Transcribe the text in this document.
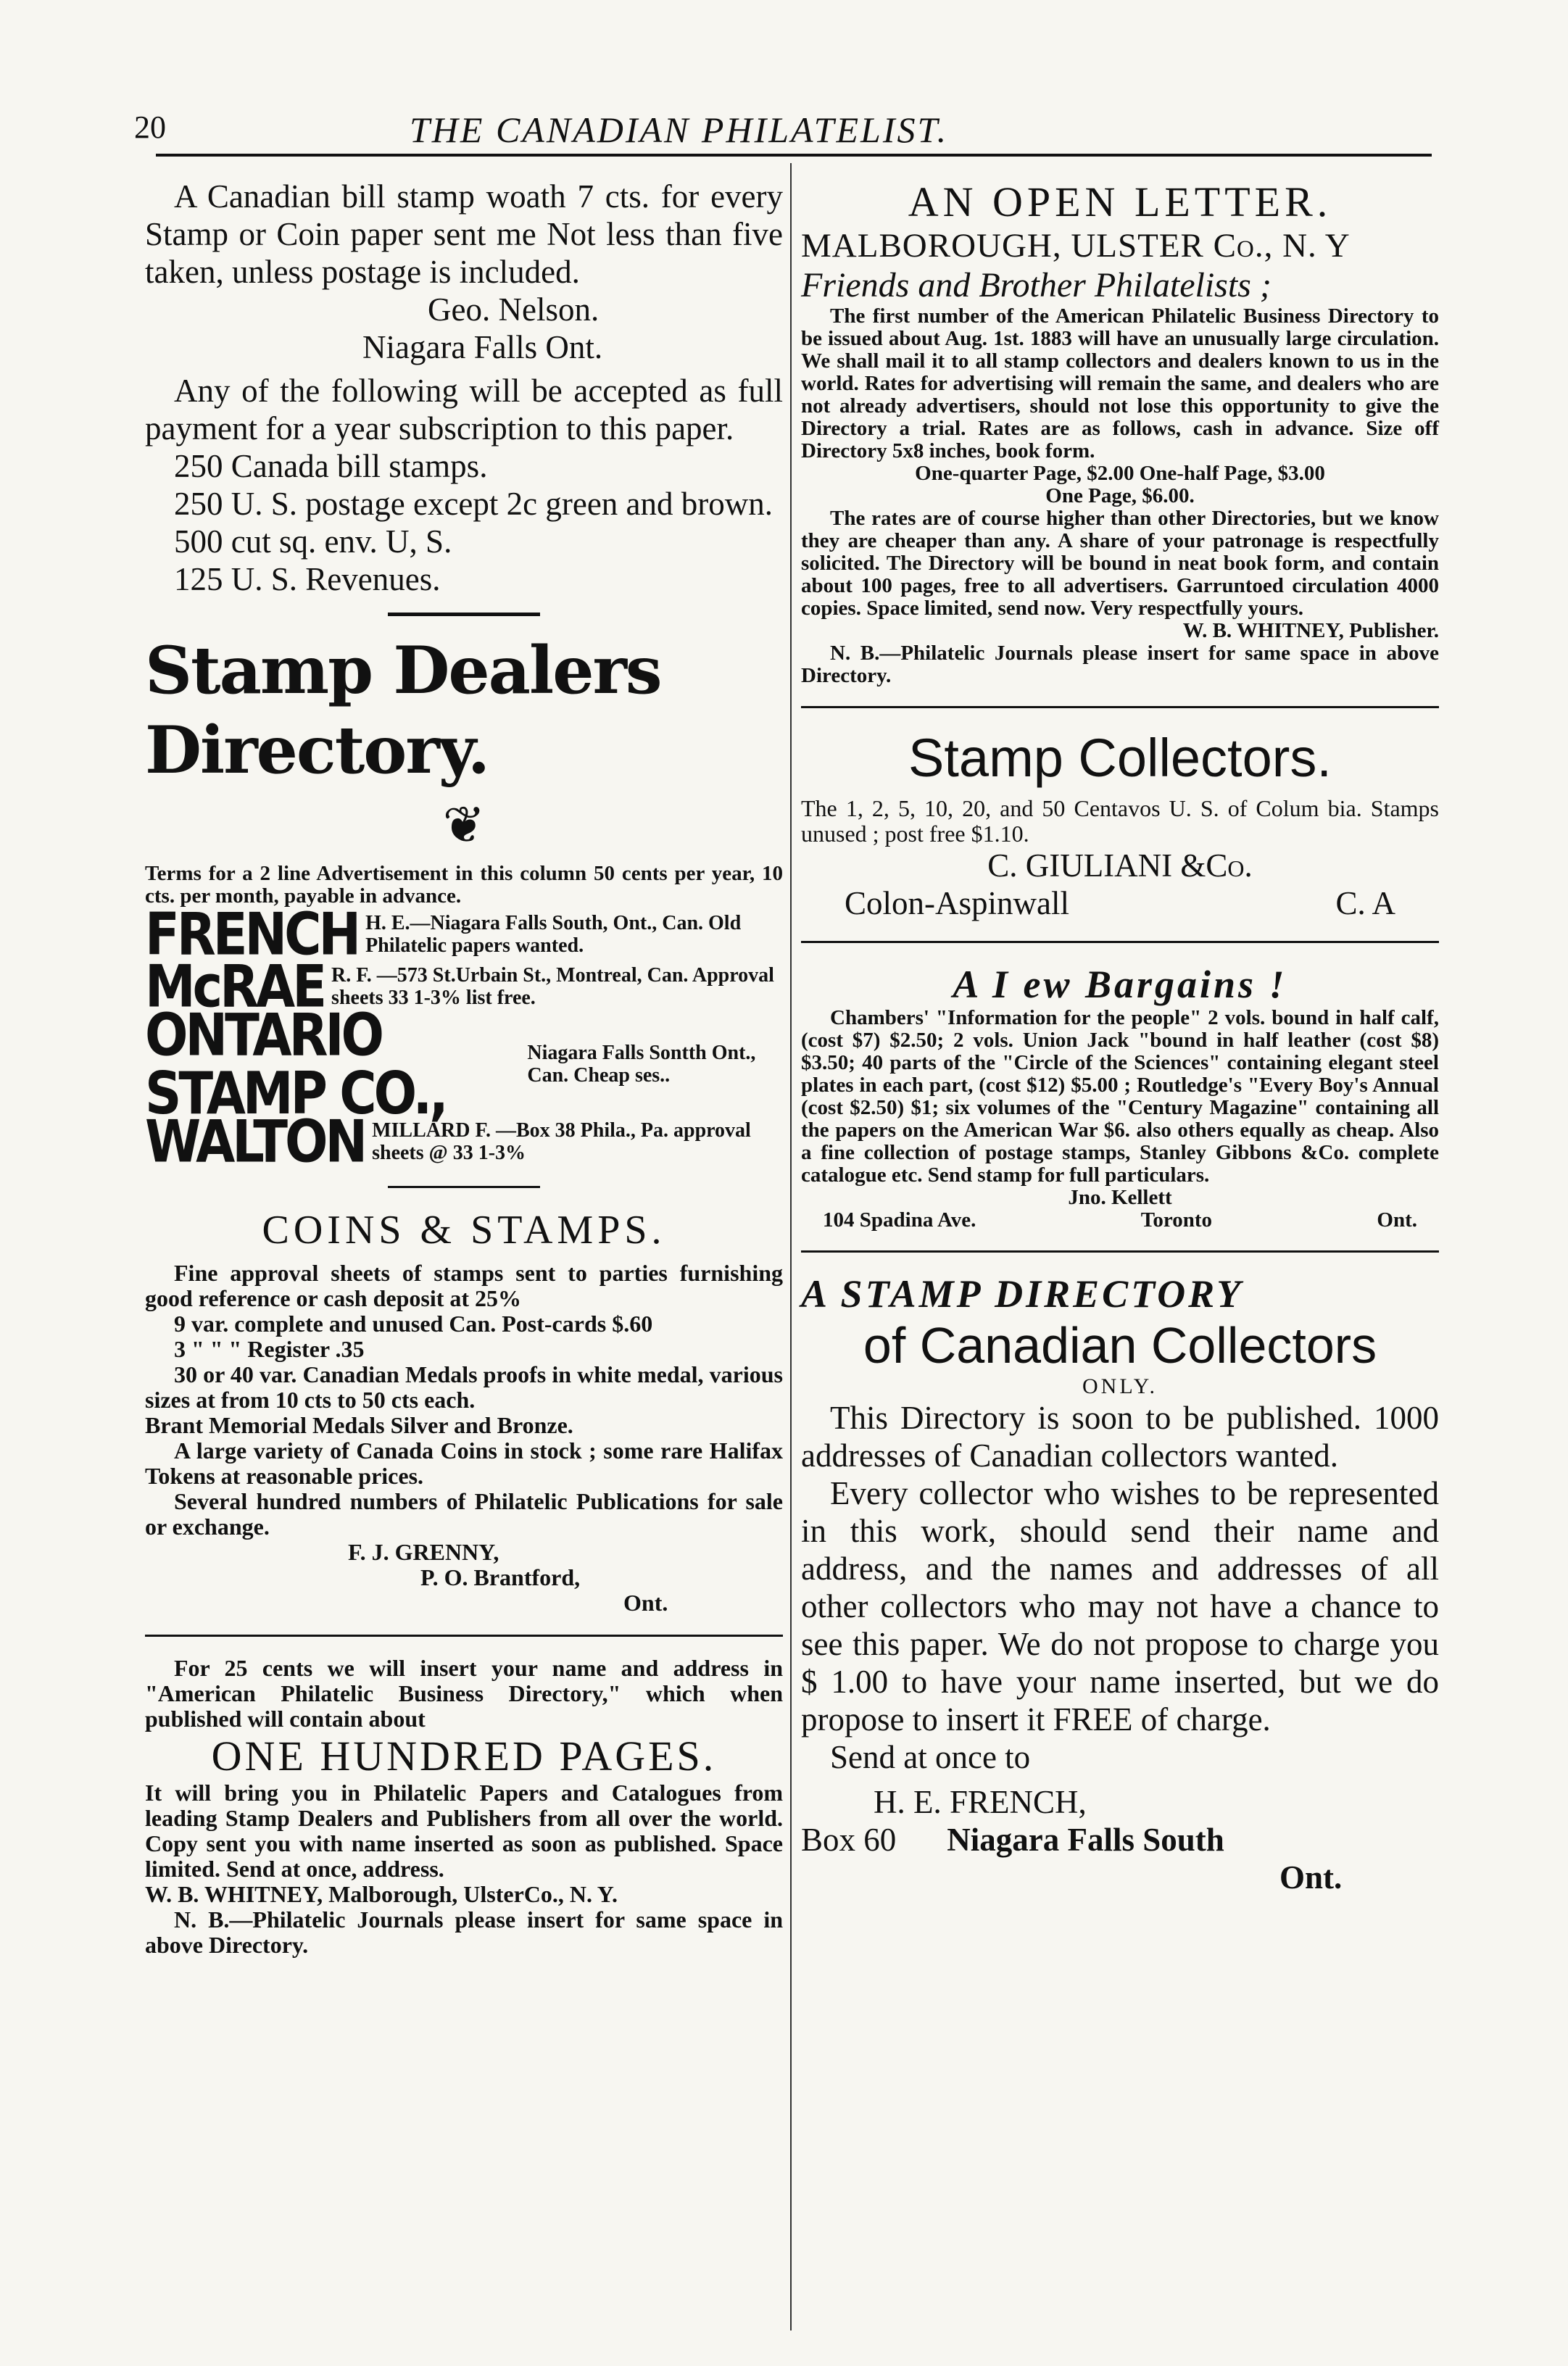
20	THE CANADIAN PHILATELIST.
A Canadian bill stamp woath 7 cts. for every Stamp or Coin paper sent me Not less than five taken, unless postage is included.
Geo. Nelson.
Niagara Falls Ont.
Any of the following will be accepted as full payment for a year subscription to this paper.
250 Canada bill stamps.
250 U. S. postage except 2c green and brown.
500 cut sq. env. U, S.
125 U. S. Revenues.
Stamp Dealers Directory.
❦
Terms for a 2 line Advertisement in this column 50 cents per year, 10 cts. per month, payable in advance.
FRENCH H. E.—Niagara Falls South, Ont., Can. Old Philatelic papers wanted.
McRAE R. F. —573 St.Urbain St., Montreal, Can. Approval sheets 33 1-3% list free.
ONTARIO STAMP CO.,
Niagara Falls Sontth Ont., Can. Cheap ses..
WALTON MILLARD F. —Box 38 Phila., Pa. approval sheets @ 33 1-3%
COINS & STAMPS.
Fine approval sheets of stamps sent to parties furnishing good reference or cash deposit at 25%
9 var. complete and unused Can. Post-cards $.60
3 " " " Register .35
30 or 40 var. Canadian Medals proofs in white medal, various sizes at from 10 cts to 50 cts each.
Brant Memorial Medals Silver and Bronze.
A large variety of Canada Coins in stock ; some rare Halifax Tokens at reasonable prices.
Several hundred numbers of Philatelic Publications for sale or exchange.
F. J. GRENNY,
P. O. Brantford,
Ont.
For 25 cents we will insert your name and address in "American Philatelic Business Directory," which when published will contain about
ONE HUNDRED PAGES.
It will bring you in Philatelic Papers and Catalogues from leading Stamp Dealers and Publishers from all over the world. Copy sent you with name inserted as soon as published. Space limited. Send at once, address.
W. B. WHITNEY, Malborough, UlsterCo., N. Y.
N. B.—Philatelic Journals please insert for same space in above Directory.
AN OPEN LETTER.
MALBOROUGH, ULSTER Co., N. Y
Friends and Brother Philatelists ;
The first number of the American Philatelic Business Directory to be issued about Aug. 1st. 1883 will have an unusually large circulation. We shall mail it to all stamp collectors and dealers known to us in the world. Rates for advertising will remain the same, and dealers who are not already advertisers, should not lose this opportunity to give the Directory a trial. Rates are as follows, cash in advance. Size off Directory 5x8 inches, book form.
One-quarter Page, $2.00 One-half Page, $3.00
One Page, $6.00.
The rates are of course higher than other Directories, but we know they are cheaper than any. A share of your patronage is respectfully solicited. The Directory will be bound in neat book form, and contain about 100 pages, free to all advertisers. Garruntoed circulation 4000 copies. Space limited, send now. Very respectfully yours.
W. B. WHITNEY, Publisher.
N. B.—Philatelic Journals please insert for same space in above Directory.
Stamp Collectors.
The 1, 2, 5, 10, 20, and 50 Centavos U. S. of Colum bia. Stamps unused ; post free $1.10.
C. GIULIANI &Co.
Colon-Aspinwall	C. A
A I ew Bargains !
Chambers' "Information for the people" 2 vols. bound in half calf, (cost $7) $2.50; 2 vols. Union Jack "bound in half leather (cost $8) $3.50; 40 parts of the "Circle of the Sciences" containing elegant steel plates in each part, (cost $12) $5.00 ; Routledge's "Every Boy's Annual (cost $2.50) $1; six volumes of the "Century Magazine" containing all the papers on the American War $6. also others equally as cheap. Also a fine collection of postage stamps, Stanley Gibbons &Co. complete catalogue etc. Send stamp for full particulars.
Jno. Kellett
104 Spadina Ave.	Toronto	Ont.
A STAMP DIRECTORY
of Canadian Collectors
ONLY.
This Directory is soon to be published. 1000 addresses of Canadian collectors wanted.
Every collector who wishes to be represented in this work, should send their name and address, and the names and addresses of all other collectors who may not have a chance to see this paper. We do not propose to charge you $ 1.00 to have your name inserted, but we do propose to insert it FREE of charge.
Send at once to
H. E. FRENCH,
Box 60 Niagara Falls South
Ont.
